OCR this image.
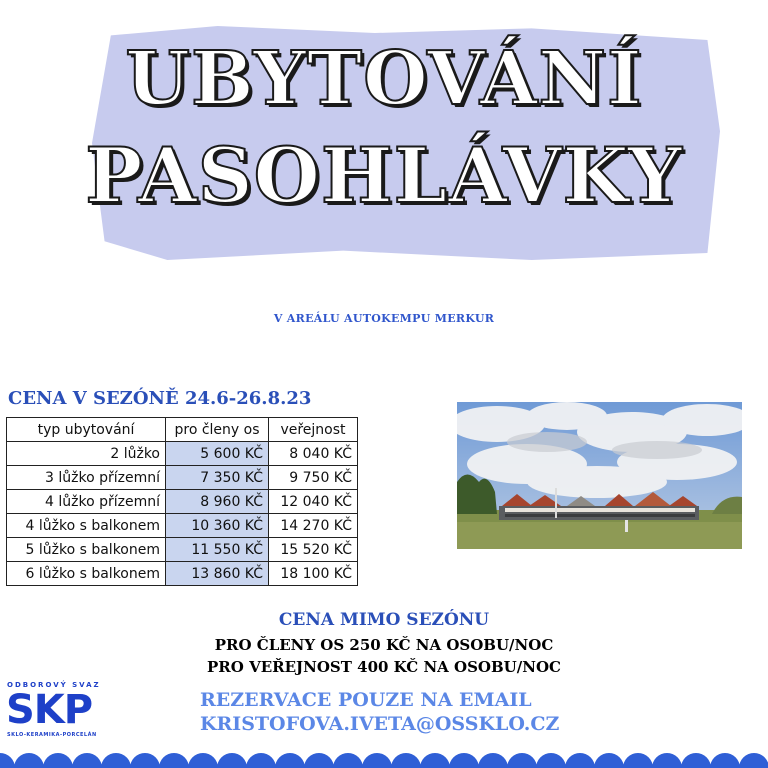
UBYTOVÁNÍ
PASOHLÁVKY
V AREÁLU AUTOKEMPU MERKUR
CENA V SEZÓNĚ 24.6-26.8.23
typ ubytování	pro členy os	veřejnost
2 lůžko	5 600 KČ	8 040 KČ
3 lůžko přízemní	7 350 KČ	9 750 KČ
4 lůžko přízemní	8 960 KČ	12 040 KČ
4 lůžko s balkonem	10 360 KČ	14 270 KČ
5 lůžko s balkonem	11 550 KČ	15 520 KČ
6 lůžko s balkonem	13 860 KČ	18 100 KČ
CENA MIMO SEZÓNU
PRO ČLENY OS 250 KČ NA OSOBU/NOC
PRO VEŘEJNOST 400 KČ NA OSOBU/NOC
ODBOROVÝ SVAZ
SKP
SKLO-KERAMIKA-PORCELÁN
REZERVACE POUZE NA EMAIL
KRISTOFOVA.IVETA@OSSKLO.CZ
